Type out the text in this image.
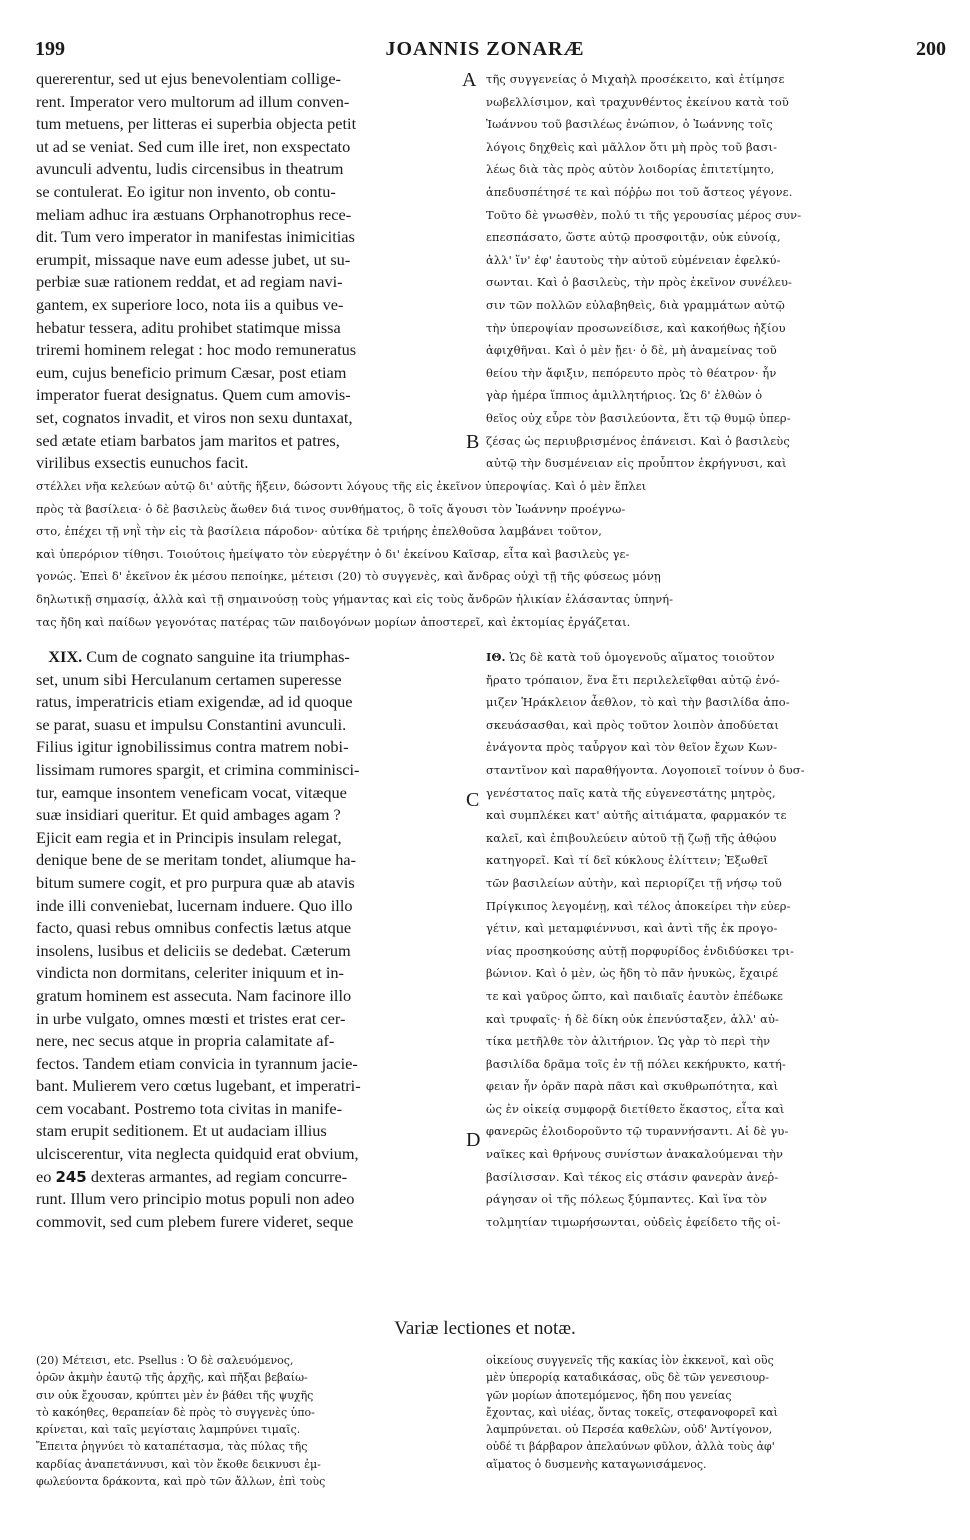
199	JOANNIS ZONARÆ	200
quererentur, sed ut ejus benevolentiam collige-
rent. Imperator vero multorum ad illum conven-
tum metuens, per litteras ei superbia objecta petit
ut ad se veniat. Sed cum ille iret, non exspectato
avunculi adventu, ludis circensibus in theatrum
se contulerat. Eo igitur non invento, ob contu-
meliam adhuc ira æstuans Orphanotrophus rece-
dit. Tum vero imperator in manifestas inimicitias
erumpit, missaque nave eum adesse jubet, ut su-
perbiæ suæ rationem reddat, et ad regiam navi-
gantem, ex superiore loco, nota iis a quibus ve-
hebatur tessera, aditu prohibet statimque missa
triremi hominem relegat : hoc modo remuneratus
eum, cujus beneficio primum Cæsar, post etiam
imperator fuerat designatus. Quem cum amovis-
set, cognatos invadit, et viros non sexu duntaxat,
sed ætate etiam barbatos jam maritos et patres,
virilibus exsectis eunuchos facit.
A
B
τῆς συγγενείας ὁ Μιχαὴλ προσέκειτο, καὶ ἐτίμησε
νωβελλίσιμον, καὶ τραχυνθέντος ἐκείνου κατὰ τοῦ
Ἰωάννου τοῦ βασιλέως ἐνώπιον, ὁ Ἰωάννης τοῖς
λόγοις δηχθεὶς καὶ μᾶλλον ὅτι μὴ πρὸς τοῦ βασι-
λέως διὰ τὰς πρὸς αὐτὸν λοιδορίας ἐπιτετίμητο,
ἀπεδυσπέτησέ τε καὶ πόῤῥω ποι τοῦ ἄστεος γέγονε.
Τοῦτο δὲ γνωσθὲν, πολύ τι τῆς γερουσίας μέρος συν-
επεσπάσατο, ὥστε αὐτῷ προσφοιτᾷν, οὐκ εὐνοίᾳ,
ἀλλ' ἵν' ἐφ' ἑαυτοὺς τὴν αὐτοῦ εὐμένειαν ἐφελκύ-
σωνται. Καὶ ὁ βασιλεὺς, τὴν πρὸς ἐκεῖνον συνέλευ-
σιν τῶν πολλῶν εὐλαβηθεὶς, διὰ γραμμάτων αὐτῷ
τὴν ὑπεροψίαν προσωνείδισε, καὶ κακοήθως ἠξίου
ἀφιχθῆναι. Καὶ ὁ μὲν ᾔει· ὁ δὲ, μὴ ἀναμείνας τοῦ
θείου τὴν ἄφιξιν, πεπόρευτο πρὸς τὸ θέατρον· ἦν
γὰρ ἡμέρα ἵππιος ἁμιλλητήριος. Ὡς δ' ἐλθὼν ὁ
θεῖος οὐχ εὗρε τὸν βασιλεύοντα, ἔτι τῷ θυμῷ ὑπερ-
ζέσας ὡς περιυβρισμένος ἐπάνεισι. Καὶ ὁ βασιλεὺς
αὐτῷ τὴν δυσμένειαν εἰς προὖπτον ἐκρήγνυσι, καὶ
στέλλει νῆα κελεύων αὐτῷ δι' αὐτῆς ἥξειν, δώσοντι λόγους τῆς εἰς ἐκεῖνον ὑπεροψίας. Καὶ ὁ μὲν ἔπλει
πρὸς τὰ βασίλεια· ὁ δὲ βασιλεὺς ἄωθεν διά τινος συνθήματος, ὃ τοῖς ἄγουσι τὸν Ἰωάννην προέγνω-
στο, ἐπέχει τῇ νηῒ τὴν εἰς τὰ βασίλεια πάροδον· αὐτίκα δὲ τριήρης ἐπελθοῦσα λαμβάνει τοῦτον,
καὶ ὑπερόριον τίθησι. Τοιούτοις ἠμείψατο τὸν εὐεργέτην ὁ δι' ἐκείνου Καῖσαρ, εἶτα καὶ βασιλεὺς γε-
γονώς. Ἐπεὶ δ' ἐκεῖνον ἐκ μέσου πεποίηκε, μέτεισι (20) τὸ συγγενὲς, καὶ ἄνδρας οὐχὶ τῇ τῆς φύσεως μόνῃ
δηλωτικῇ σημασίᾳ, ἀλλὰ καὶ τῇ σημαινούσῃ τοὺς γήμαντας καὶ εἰς τοὺς ἄνδρῶν ἡλικίαν ἐλάσαντας ὑπηνή-
τας ἤδη καὶ παίδων γεγονότας πατέρας τῶν παιδογόνων μορίων ἀποστερεῖ, καὶ ἐκτομίας ἐργάζεται.
XIX. Cum de cognato sanguine ita triumphas-
set, unum sibi Herculanum certamen superesse
ratus, imperatricis etiam exigendæ, ad id quoque
se parat, suasu et impulsu Constantini avunculi.
Filius igitur ignobilissimus contra matrem nobi-
lissimam rumores spargit, et crimina comminisci-
tur, eamque insontem veneficam vocat, vitæque
suæ insidiari queritur. Et quid ambages agam ?
Ejicit eam regia et in Principis insulam relegat,
denique bene de se meritam tondet, aliumque ha-
bitum sumere cogit, et pro purpura quæ ab atavis
inde illi conveniebat, lucernam induere. Quo illo
facto, quasi rebus omnibus confectis lætus atque
insolens, lusibus et deliciis se dedebat. Cæterum
vindicta non dormitans, celeriter iniquum et in-
gratum hominem est assecuta. Nam facinore illo
in urbe vulgato, omnes mœsti et tristes erat cer-
nere, nec secus atque in propria calamitate af-
fectos. Tandem etiam convicia in tyrannum jacie-
bant. Mulierem vero cœtus lugebant, et imperatri-
cem vocabant. Postremo tota civitas in manife-
stam erupit seditionem. Et ut audaciam illius
ulciscerentur, vita neglecta quidquid erat obvium,
eo 245 dexteras armantes, ad regiam concurre-
runt. Illum vero principio motus populi non adeo
commovit, sed cum plebem furere videret, seque
C
D
ΙΘ. Ὡς δὲ κατὰ τοῦ ὁμογενοῦς αἵματος τοιοῦτον
ἤρατο τρόπαιον, ἕνα ἔτι περιλελεῖφθαι αὐτῷ ἐνό-
μιζεν Ἡράκλειον ἆεθλον, τὸ καὶ τὴν βασιλίδα ἀπο-
σκευάσασθαι, καὶ πρὸς τοῦτον λοιπὸν ἀποδύεται
ἐνάγοντα πρὸς ταὖργον καὶ τὸν θεῖον ἔχων Κων-
σταντῖνον καὶ παραθήγοντα. Λογοποιεῖ τοίνυν ὁ δυσ-
γενέστατος παῖς κατὰ τῆς εὐγενεστάτης μητρὸς,
καὶ συμπλέκει κατ' αὐτῆς αἰτιάματα, φαρμακόν τε
καλεῖ, καὶ ἐπιβουλεύειν αὐτοῦ τῇ ζωῇ τῆς ἀθῴου
κατηγορεῖ. Καὶ τί δεῖ κύκλους ἑλίττειν; Ἐξωθεῖ
τῶν βασιλείων αὐτὴν, καὶ περιορίζει τῇ νήσῳ τοῦ
Πρίγκιπος λεγομένῃ, καὶ τέλος ἀποκείρει τὴν εὐερ-
γέτιν, καὶ μεταμφιέννυσι, καὶ ἀντὶ τῆς ἐκ προγο-
νίας προσηκούσης αὐτῇ πορφυρίδος ἐνδιδύσκει τρι-
βώνιον. Καὶ ὁ μὲν, ὡς ἤδη τὸ πᾶν ἠνυκὼς, ἔχαιρέ
τε καὶ γαῦρος ὤπτο, καὶ παιδιαῖς ἑαυτὸν ἐπέδωκε
καὶ τρυφαῖς· ἡ δὲ δίκη οὐκ ἐπενύσταξεν, ἀλλ' αὐ-
τίκα μετῆλθε τὸν ἀλιτήριον. Ὡς γὰρ τὸ περὶ τὴν
βασιλίδα δρᾶμα τοῖς ἐν τῇ πόλει κεκήρυκτο, κατή-
φειαν ἦν ὁρᾶν παρὰ πᾶσι καὶ σκυθρωπότητα, καὶ
ὡς ἐν οἰκείᾳ συμφορᾷ διετίθετο ἕκαστος, εἶτα καὶ
φανερῶς ἐλοιδοροῦντο τῷ τυραννήσαντι. Αἱ δὲ γυ-
ναῖκες καὶ θρήνους συνίστων ἀνακαλούμεναι τὴν
βασίλισσαν. Καὶ τέκος εἰς στάσιν φανερὰν ἀνεῤ-
ράγησαν οἱ τῆς πόλεως ξύμπαντες. Καὶ ἵνα τὸν
τολμητίαν τιμωρήσωνται, οὐδεὶς ἐφείδετο τῆς οἰ-
Variæ lectiones et notæ.
(20) Μέτεισι, etc. Psellus : Ὁ δὲ σαλευόμενος,
ὁρῶν ἀκμὴν ἑαυτῷ τῆς ἀρχῆς, καὶ πῆξαι βεβαίω-
σιν οὐκ ἔχουσαν, κρύπτει μὲν ἐν βάθει τῆς ψυχῆς
τὸ κακόηθες, θεραπείαν δὲ πρὸς τὸ συγγενὲς ὑπο-
κρίνεται, καὶ ταῖς μεγίσταις λαμπρύνει τιμαῖς.
Ἔπειτα ῥηγνύει τὸ καταπέτασμα, τὰς πύλας τῆς
καρδίας ἀναπετάννυσι, καὶ τὸν ἔκοθε δεικνυσι ἐμ-
φωλεύοντα δράκοντα, καὶ πρὸ τῶν ἄλλων, ἐπὶ τοὺς
οἰκείους συγγενεῖς τῆς κακίας ἰὸν ἐκκενοῖ, καὶ οὓς
μὲν ὑπερορίᾳ καταδικάσας, οὓς δὲ τῶν γενεσιουρ-
γῶν μορίων ἀποτεμόμενος, ἤδη που γενείας
ἔχοντας, καὶ υἱέας, ὄντας τοκεῖς, στεφανοφορεῖ καὶ
λαμπρύνεται. οὐ Περσέα καθελὼν, οὐδ' Ἀντίγονον,
οὐδέ τι βάρβαρον ἀπελαύνων φῦλον, ἀλλὰ τοὺς ἀφ'
αἵματος ὁ δυσμενὴς καταγωνισάμενος.
